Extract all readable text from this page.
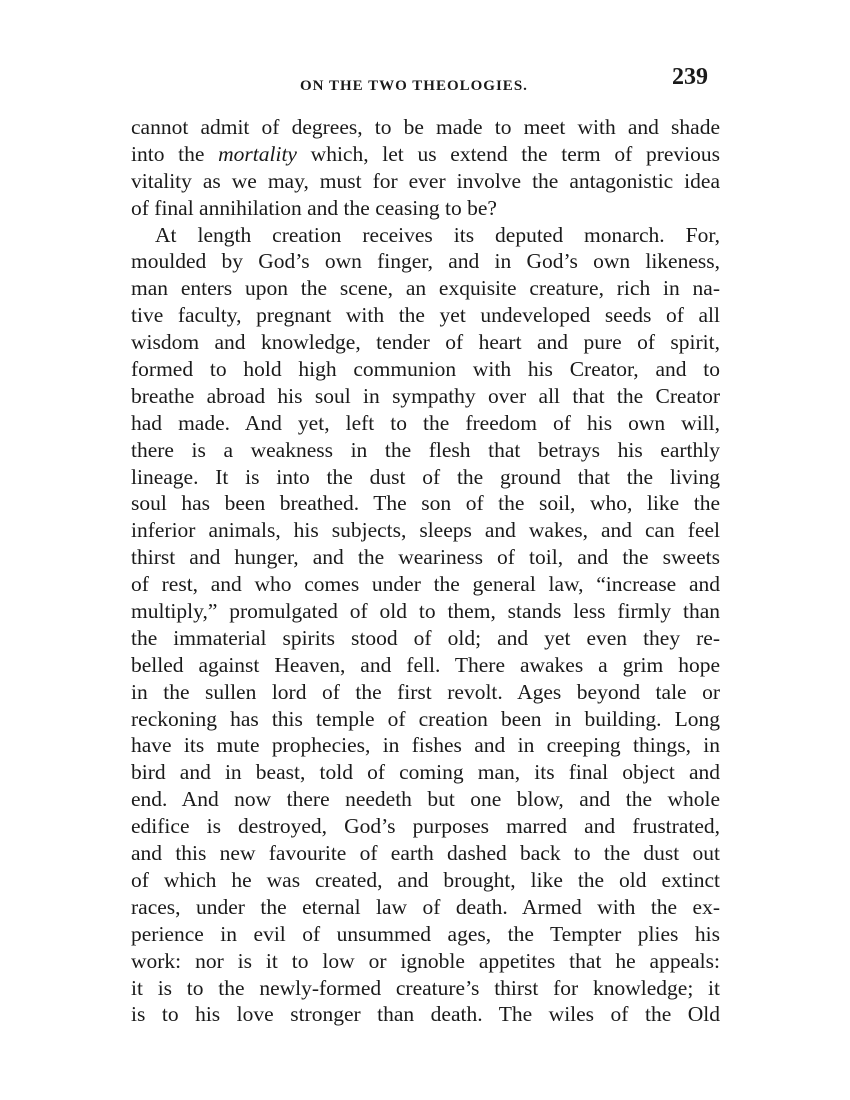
ON THE TWO THEOLOGIES.	239
cannot admit of degrees, to be made to meet with and shade
into the mortality which, let us extend the term of previous
vitality as we may, must for ever involve the antagonistic idea
of final annihilation and the ceasing to be?
At length creation receives its deputed monarch. For,
moulded by God’s own finger, and in God’s own likeness,
man enters upon the scene, an exquisite creature, rich in na-
tive faculty, pregnant with the yet undeveloped seeds of all
wisdom and knowledge, tender of heart and pure of spirit,
formed to hold high communion with his Creator, and to
breathe abroad his soul in sympathy over all that the Creator
had made. And yet, left to the freedom of his own will,
there is a weakness in the flesh that betrays his earthly
lineage. It is into the dust of the ground that the living
soul has been breathed. The son of the soil, who, like the
inferior animals, his subjects, sleeps and wakes, and can feel
thirst and hunger, and the weariness of toil, and the sweets
of rest, and who comes under the general law, “increase and
multiply,” promulgated of old to them, stands less firmly than
the immaterial spirits stood of old; and yet even they re-
belled against Heaven, and fell. There awakes a grim hope
in the sullen lord of the first revolt. Ages beyond tale or
reckoning has this temple of creation been in building. Long
have its mute prophecies, in fishes and in creeping things, in
bird and in beast, told of coming man, its final object and
end. And now there needeth but one blow, and the whole
edifice is destroyed, God’s purposes marred and frustrated,
and this new favourite of earth dashed back to the dust out
of which he was created, and brought, like the old extinct
races, under the eternal law of death. Armed with the ex-
perience in evil of unsummed ages, the Tempter plies his
work: nor is it to low or ignoble appetites that he appeals:
it is to the newly-formed creature’s thirst for knowledge; it
is to his love stronger than death. The wiles of the Old
